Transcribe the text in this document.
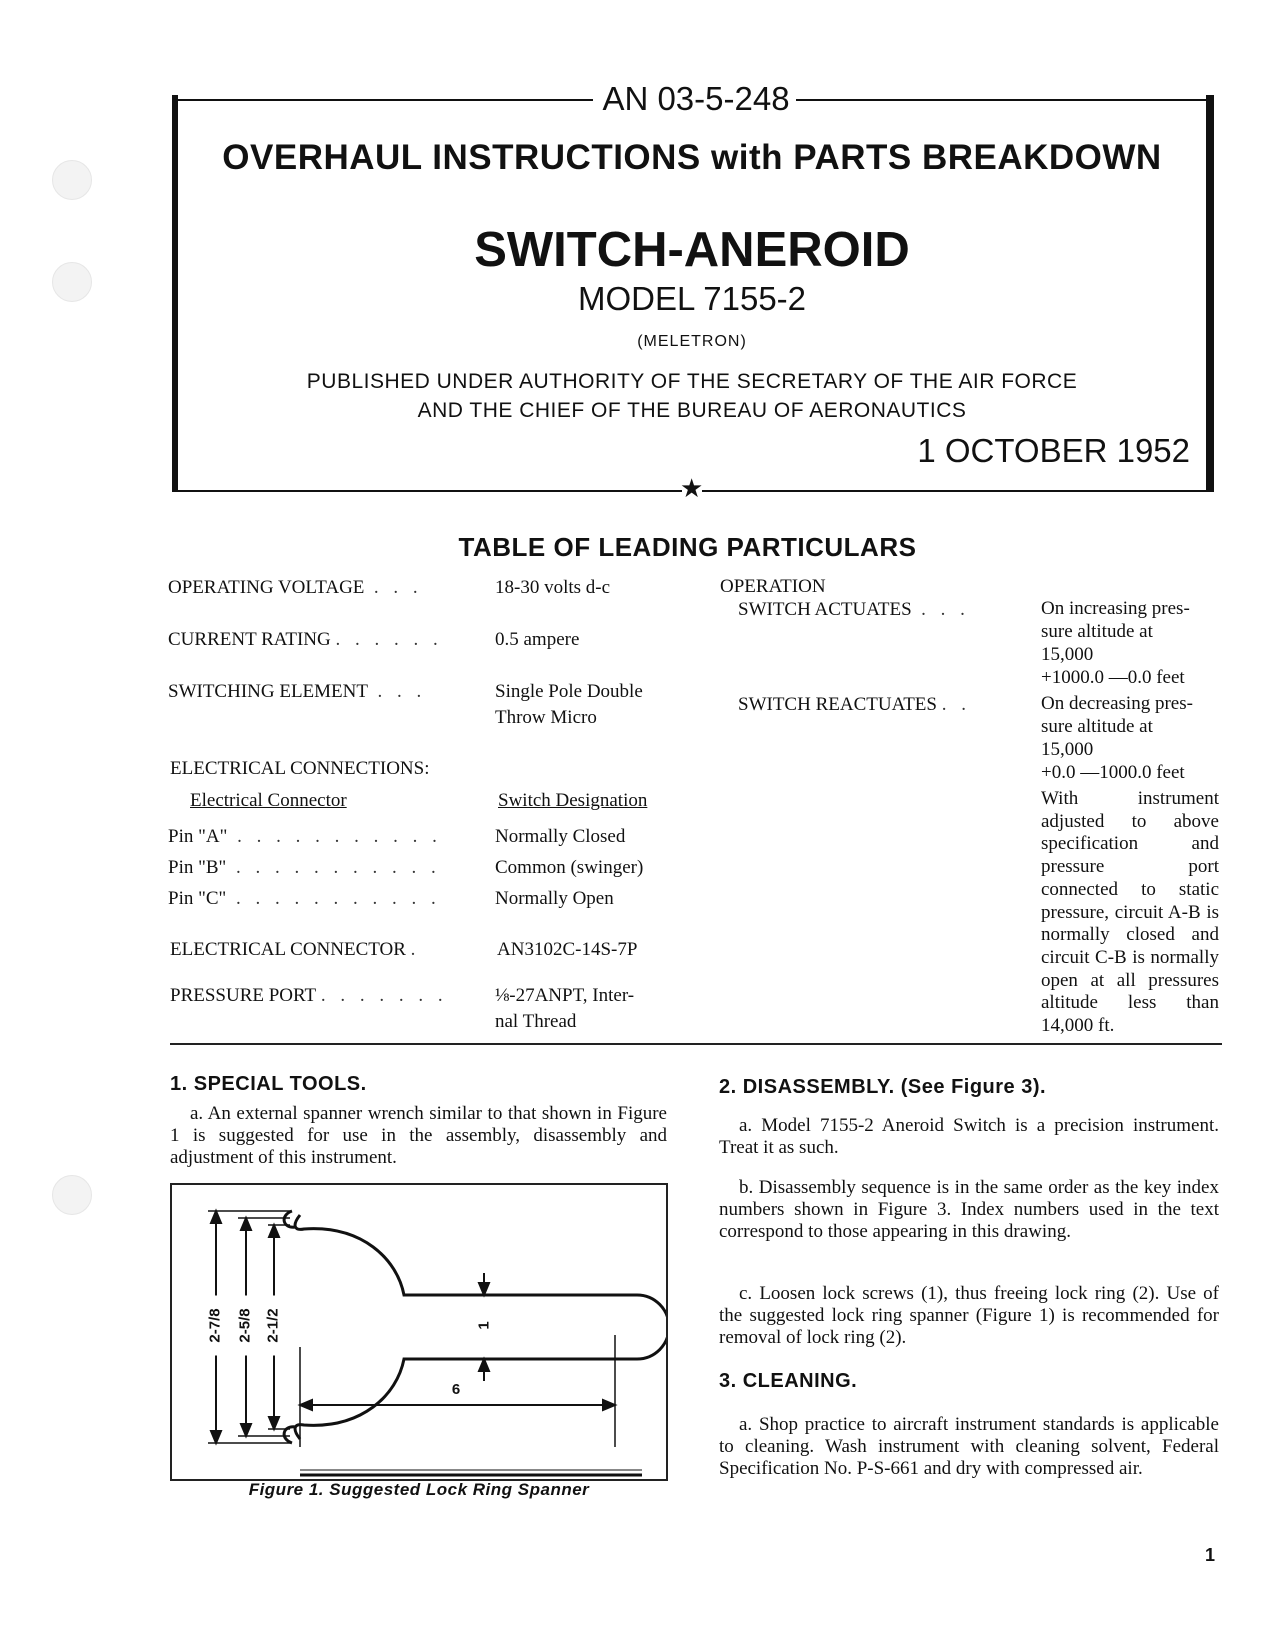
AN 03-5-248
OVERHAUL INSTRUCTIONS with PARTS BREAKDOWN
SWITCH-ANEROID
MODEL 7155-2
(MELETRON)
PUBLISHED UNDER AUTHORITY OF THE SECRETARY OF THE AIR FORCE
AND THE CHIEF OF THE BUREAU OF AERONAUTICS
1 OCTOBER 1952
★
TABLE OF LEADING PARTICULARS
OPERATING VOLTAGE . . .	18-30 volts d-c
CURRENT RATING . . . . . .	0.5 ampere
SWITCHING ELEMENT . . .	Single Pole Double
Throw Micro
ELECTRICAL CONNECTIONS:
Electrical Connector	Switch Designation
Pin "A" . . . . . . . . . . .	Normally Closed
Pin "B" . . . . . . . . . . .	Common (swinger)
Pin "C" . . . . . . . . . . .	Normally Open
ELECTRICAL CONNECTOR .	AN3102C-14S-7P
PRESSURE PORT . . . . . . . ⅛-27ANPT, Inter-
nal Thread
OPERATION
SWITCH ACTUATES . . .	On increasing pres-
sure altitude at
15,000
+1000.0 —0.0 feet
SWITCH REACTUATES . .	On decreasing pres-
sure altitude at
15,000
+0.0 —1000.0 feet
With instrument adjusted to above specification and pressure port connected to static pressure, circuit A-B is normally closed and circuit C-B is normally open at all pressures altitude less than 14,000 ft.
1. SPECIAL TOOLS.
a. An external spanner wrench similar to that shown in Figure 1 is suggested for use in the assembly, disassembly and adjustment of this instrument.
2-7/8 2-5/8 2-1/2	1
6
Figure 1. Suggested Lock Ring Spanner
2. DISASSEMBLY. (See Figure 3).
a. Model 7155-2 Aneroid Switch is a precision instrument. Treat it as such.
b. Disassembly sequence is in the same order as the key index numbers shown in Figure 3. Index numbers used in the text correspond to those appearing in this drawing.
c. Loosen lock screws (1), thus freeing lock ring (2). Use of the suggested lock ring spanner (Figure 1) is recommended for removal of lock ring (2).
3. CLEANING.
a. Shop practice to aircraft instrument standards is applicable to cleaning. Wash instrument with cleaning solvent, Federal Specification No. P-S-661 and dry with compressed air.
1
